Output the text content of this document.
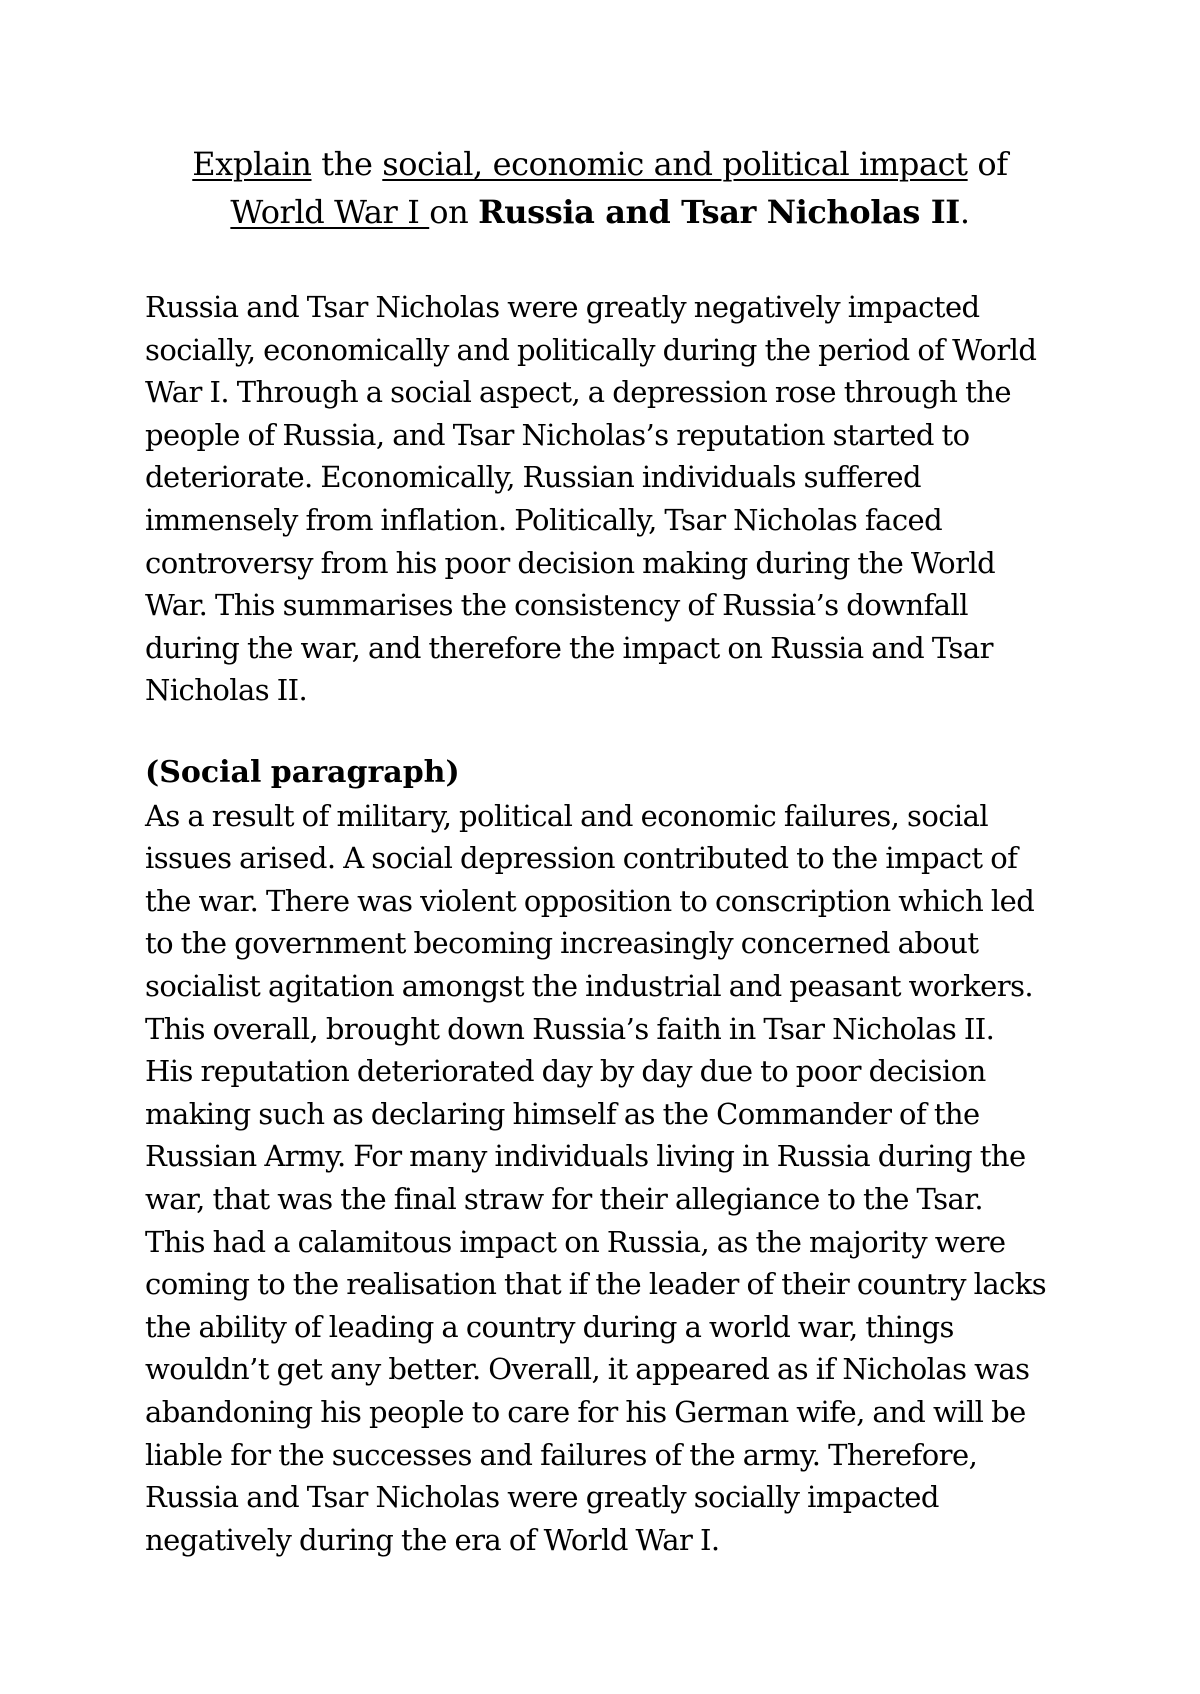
Explain the social, economic and political impact of
World War I on Russia and Tsar Nicholas II.
Russia and Tsar Nicholas were greatly negatively impacted
socially, economically and politically during the period of World
War I. Through a social aspect, a depression rose through the
people of Russia, and Tsar Nicholas’s reputation started to
deteriorate. Economically, Russian individuals suffered
immensely from inflation. Politically, Tsar Nicholas faced
controversy from his poor decision making during the World
War. This summarises the consistency of Russia’s downfall
during the war, and therefore the impact on Russia and Tsar
Nicholas II.
(Social paragraph)
As a result of military, political and economic failures, social
issues arised. A social depression contributed to the impact of
the war. There was violent opposition to conscription which led
to the government becoming increasingly concerned about
socialist agitation amongst the industrial and peasant workers.
This overall, brought down Russia’s faith in Tsar Nicholas II.
His reputation deteriorated day by day due to poor decision
making such as declaring himself as the Commander of the
Russian Army. For many individuals living in Russia during the
war, that was the final straw for their allegiance to the Tsar.
This had a calamitous impact on Russia, as the majority were
coming to the realisation that if the leader of their country lacks
the ability of leading a country during a world war, things
wouldn’t get any better. Overall, it appeared as if Nicholas was
abandoning his people to care for his German wife, and will be
liable for the successes and failures of the army. Therefore,
Russia and Tsar Nicholas were greatly socially impacted
negatively during the era of World War I.
